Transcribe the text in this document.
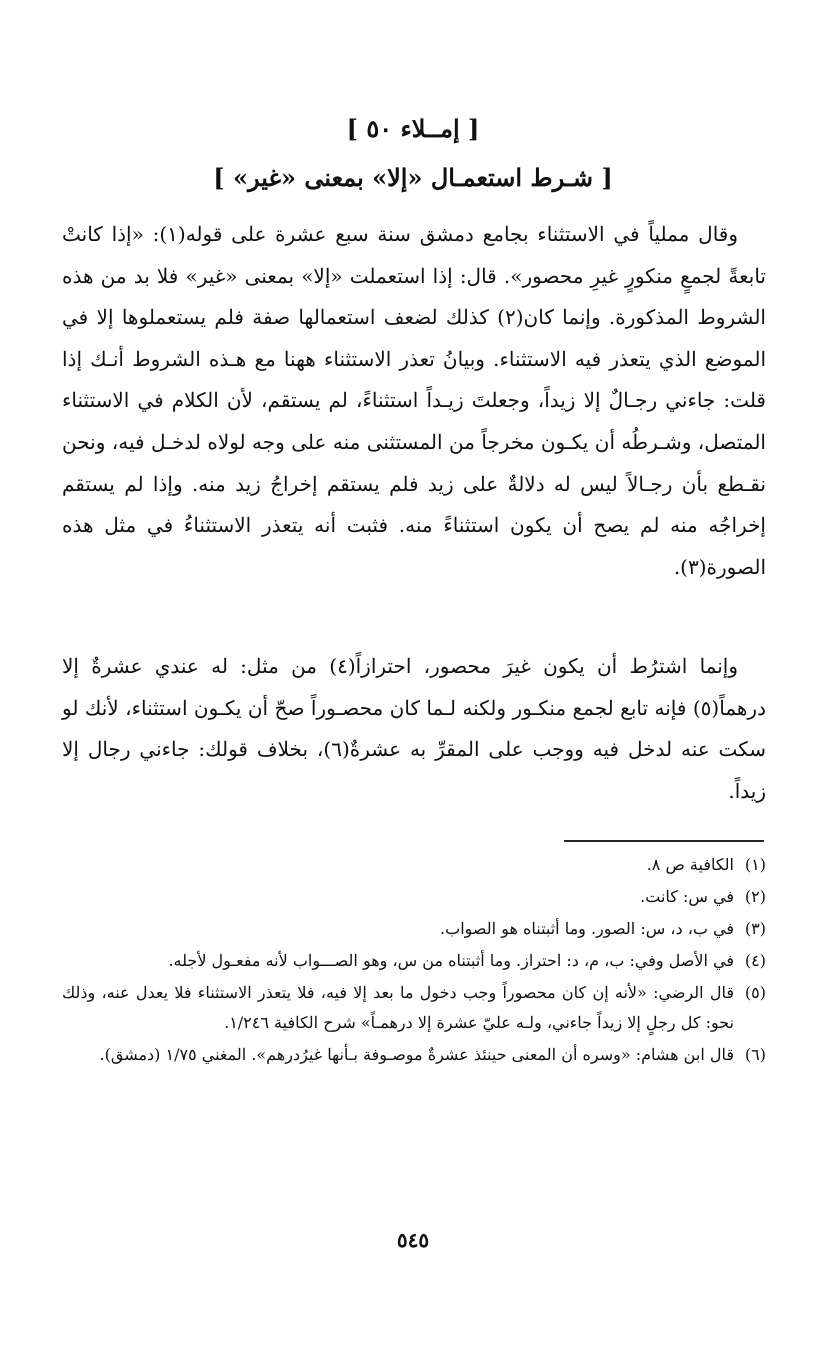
[ إمــلاء ٥٠ ]
[ شـرط استعمـال «إلا» بمعنى «غير» ]

وقال مملياً في الاستثناء بجامع دمشق سنة سبع عشرة على قوله(١): «إذا كانتْ تابعةً لجمعٍ منكورٍ غيرِ محصور». قال: إذا استعملت «إلا» بمعنى «غير» فلا بد من هذه الشروط المذكورة. وإنما كان(٢) كذلك لضعف استعمالها صفة فلم يستعملوها إلا في الموضع الذي يتعذر فيه الاستثناء. وبيانُ تعذر الاستثناء ههنا مع هـذه الشروط أنـك إذا قلت: جاءني رجـالٌ إلا زيداً، وجعلتَ زيـداً استثناءً، لم يستقم، لأن الكلام في الاستثناء المتصل، وشـرطُه أن يكـون مخرجاً من المستثنى منه على وجه لولاه لدخـل فيه، ونحن نقـطع بأن رجـالاً ليس له دلالةٌ على زيد فلم يستقم إخراجُ زيد منه. وإذا لم يستقم إخراجُه منه لم يصح أن يكون استثناءً منه. فثبت أنه يتعذر الاستثناءُ في مثل هذه الصورة(٣).

وإنما اشترُط أن يكون غيرَ محصور، احترازاً(٤) من مثل: له عندي عشرةٌ إلا درهماً(٥) فإنه تابع لجمع منكـور ولكنه لـما كان محصـوراً صحّ أن يكـون استثناء، لأنك لو سكت عنه لدخل فيه ووجب على المقرِّ به عشرةٌ(٦)، بخلاف قولك: جاءني رجال إلا زيداً.

(١)الكافية ص ٨.

(٢)في س: كانت.

(٣)في ب، د، س: الصور. وما أثبتناه هو الصواب.

(٤)في الأصل وفي: ب، م، د: احتراز. وما أثبتناه من س، وهو الصـــواب لأنه مفعـول لأجله.

(٥)قال الرضي: «لأنه إن كان محصوراً وجب دخول ما بعد إلا فيه، فلا يتعذر الاستثناء فلا يعدل عنه، وذلك نحو: كل رجلٍ إلا زيداً جاءني، ولـه عليّ عشرة إلا درهمـاً» شرح الكافية ١/٢٤٦.

(٦)قال ابن هشام: «وسره أن المعنى حينئذ عشرةٌ موصـوفة بـأنها غيرُدرهم». المغني ١/٧٥ (دمشق).

٥٤٥
